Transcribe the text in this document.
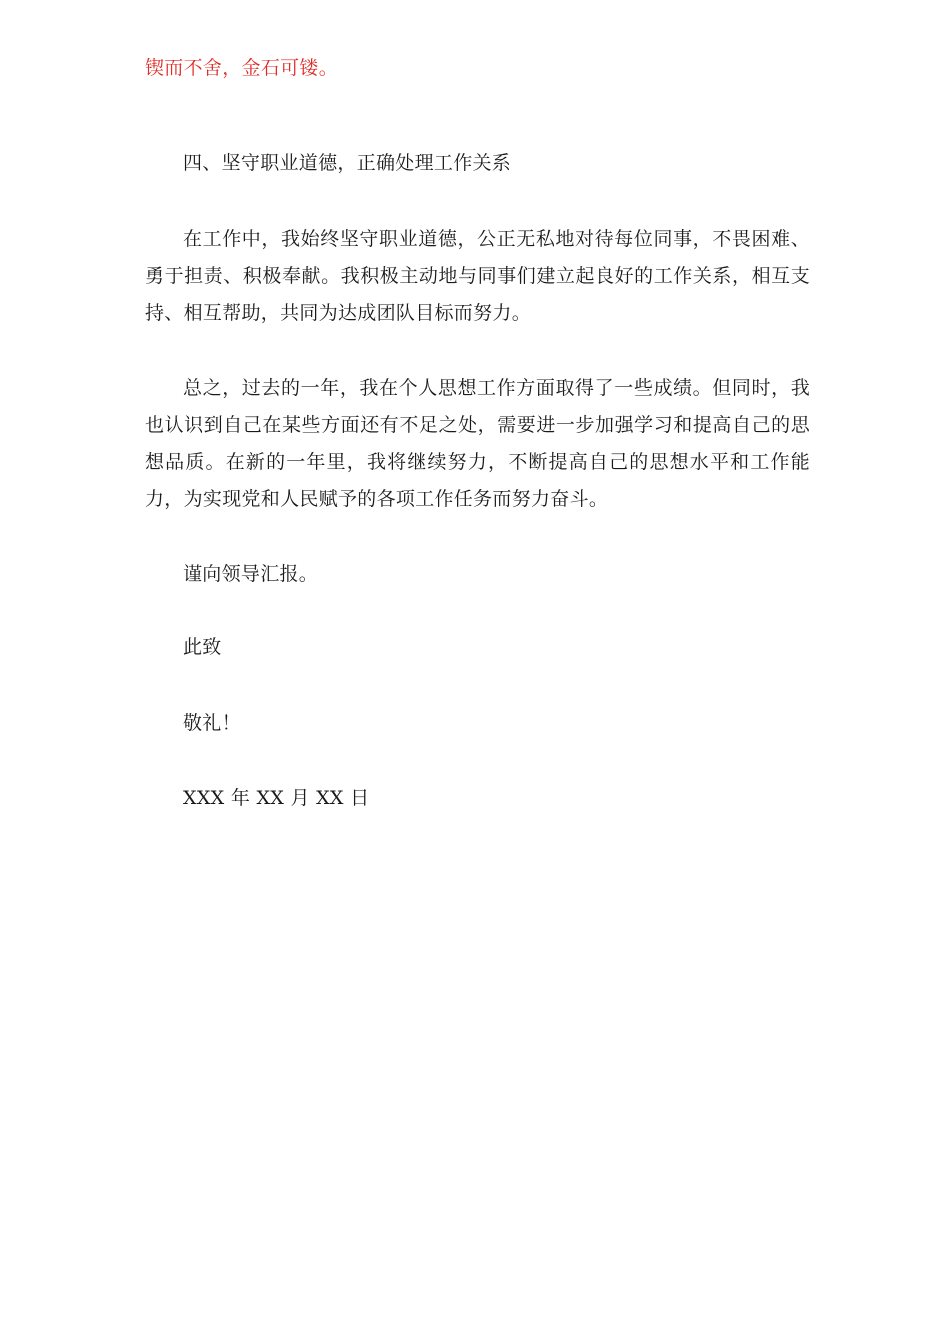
锲而不舍，金石可镂。
四、坚守职业道德，正确处理工作关系
在工作中，我始终坚守职业道德，公正无私地对待每位同事，不畏困难、勇于担责、积极奉献。我积极主动地与同事们建立起良好的工作关系，相互支持、相互帮助，共同为达成团队目标而努力。
总之，过去的一年，我在个人思想工作方面取得了一些成绩。但同时，我也认识到自己在某些方面还有不足之处，需要进一步加强学习和提高自己的思想品质。在新的一年里，我将继续努力，不断提高自己的思想水平和工作能力，为实现党和人民赋予的各项工作任务而努力奋斗。
谨向领导汇报。
此致
敬礼！
XXX 年 XX 月 XX 日
